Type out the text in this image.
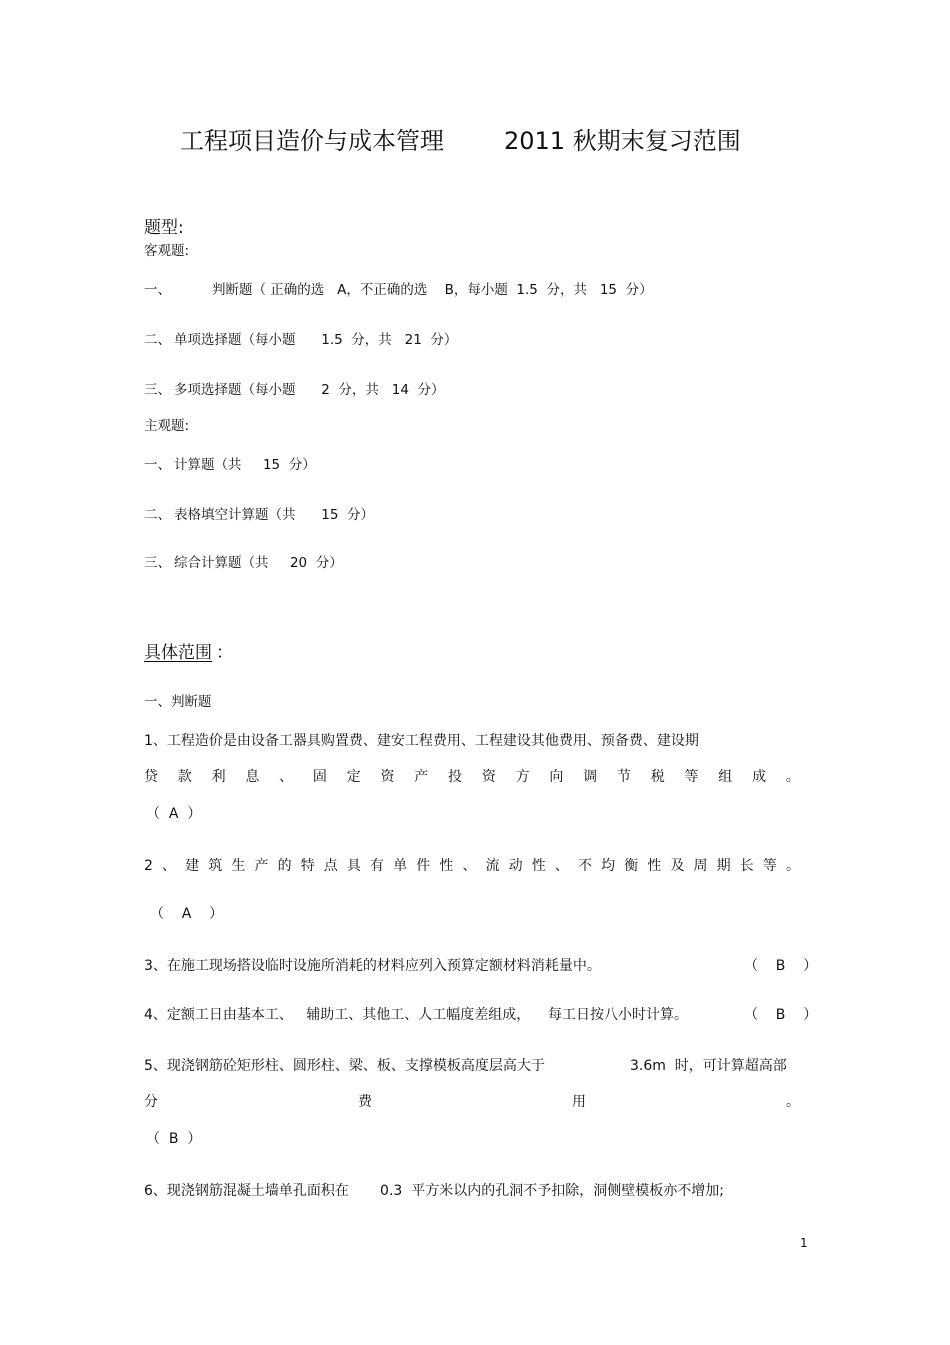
工程项目造价与成本管理	2011 秋期末复习范围
题型:
客观题:
一、	判断题（ 正确的选   A，不正确的选    B，每小题  1.5  分，共   15  分）
二、 单项选择题（每小题      1.5  分，共   21  分）
三、 多项选择题（每小题      2  分，共   14  分）
主观题:
一、 计算题（共     15  分）
二、 表格填空计算题（共      15  分）
三、 综合计算题（共     20  分）
具体范围 ：
一、判断题
1、工程造价是由设备工器具购置费、建安工程费用、工程建设其他费用、预备费、建设期
贷 款 利 息 、 固 定 资 产 投 资 方 向 调 节 税 等 组 成 。
（  A  ）
2 、 建 筑 生 产 的 特 点 具 有 单 件 性 、 流 动 性 、 不 均 衡 性 及 周 期 长 等 。
（    A    ）
3、在施工现场搭设临时设施所消耗的材料应列入预算定额材料消耗量中。	（    B    ）
4、定额工日由基本工、   辅助工、其他工、人工幅度差组成，    每工日按八小时计算。	（    B    ）
5、现浇钢筋砼矩形柱、圆形柱、梁、板、支撑模板高度层高大于	3.6m  时，可计算超高部
分	费	用	。
（  B  ）
6、现浇钢筋混凝土墙单孔面积在       0.3  平方米以内的孔洞不予扣除，洞侧壁模板亦不增加;
1
